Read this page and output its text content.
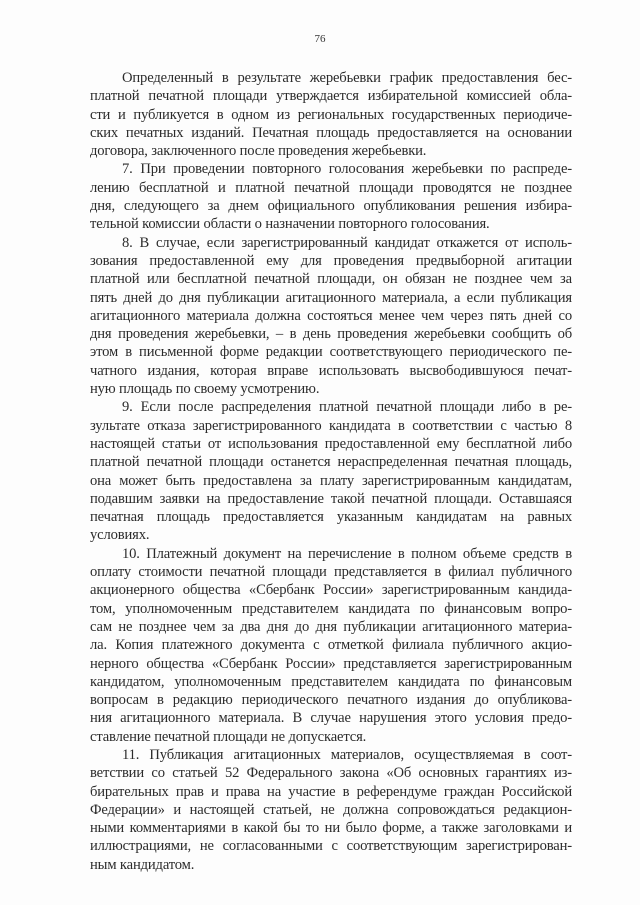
76
Определенный в результате жеребьевки график предоставления бес-
платной печатной площади утверждается избирательной комиссией обла-
сти и публикуется в одном из региональных государственных периодиче-
ских печатных изданий. Печатная площадь предоставляется на основании
договора, заключенного после проведения жеребьевки.
7. При проведении повторного голосования жеребьевки по распреде-
лению бесплатной и платной печатной площади проводятся не позднее
дня, следующего за днем официального опубликования решения избира-
тельной комиссии области о назначении повторного голосования.
8. В случае, если зарегистрированный кандидат откажется от исполь-
зования предоставленной ему для проведения предвыборной агитации
платной или бесплатной печатной площади, он обязан не позднее чем за
пять дней до дня публикации агитационного материала, а если публикация
агитационного материала должна состояться менее чем через пять дней со
дня проведения жеребьевки, – в день проведения жеребьевки сообщить об
этом в письменной форме редакции соответствующего периодического пе-
чатного издания, которая вправе использовать высвободившуюся печат-
ную площадь по своему усмотрению.
9. Если после распределения платной печатной площади либо в ре-
зультате отказа зарегистрированного кандидата в соответствии с частью 8
настоящей статьи от использования предоставленной ему бесплатной либо
платной печатной площади останется нераспределенная печатная площадь,
она может быть предоставлена за плату зарегистрированным кандидатам,
подавшим заявки на предоставление такой печатной площади. Оставшаяся
печатная площадь предоставляется указанным кандидатам на равных
условиях.
10. Платежный документ на перечисление в полном объеме средств в
оплату стоимости печатной площади представляется в филиал публичного
акционерного общества «Сбербанк России» зарегистрированным кандида-
том, уполномоченным представителем кандидата по финансовым вопро-
сам не позднее чем за два дня до дня публикации агитационного материа-
ла. Копия платежного документа с отметкой филиала публичного акцио-
нерного общества «Сбербанк России» представляется зарегистрированным
кандидатом, уполномоченным представителем кандидата по финансовым
вопросам в редакцию периодического печатного издания до опубликова-
ния агитационного материала. В случае нарушения этого условия предо-
ставление печатной площади не допускается.
11. Публикация агитационных материалов, осуществляемая в соот-
ветствии со статьей 52 Федерального закона «Об основных гарантиях из-
бирательных прав и права на участие в референдуме граждан Российской
Федерации» и настоящей статьей, не должна сопровождаться редакцион-
ными комментариями в какой бы то ни было форме, а также заголовками и
иллюстрациями, не согласованными с соответствующим зарегистрирован-
ным кандидатом.
